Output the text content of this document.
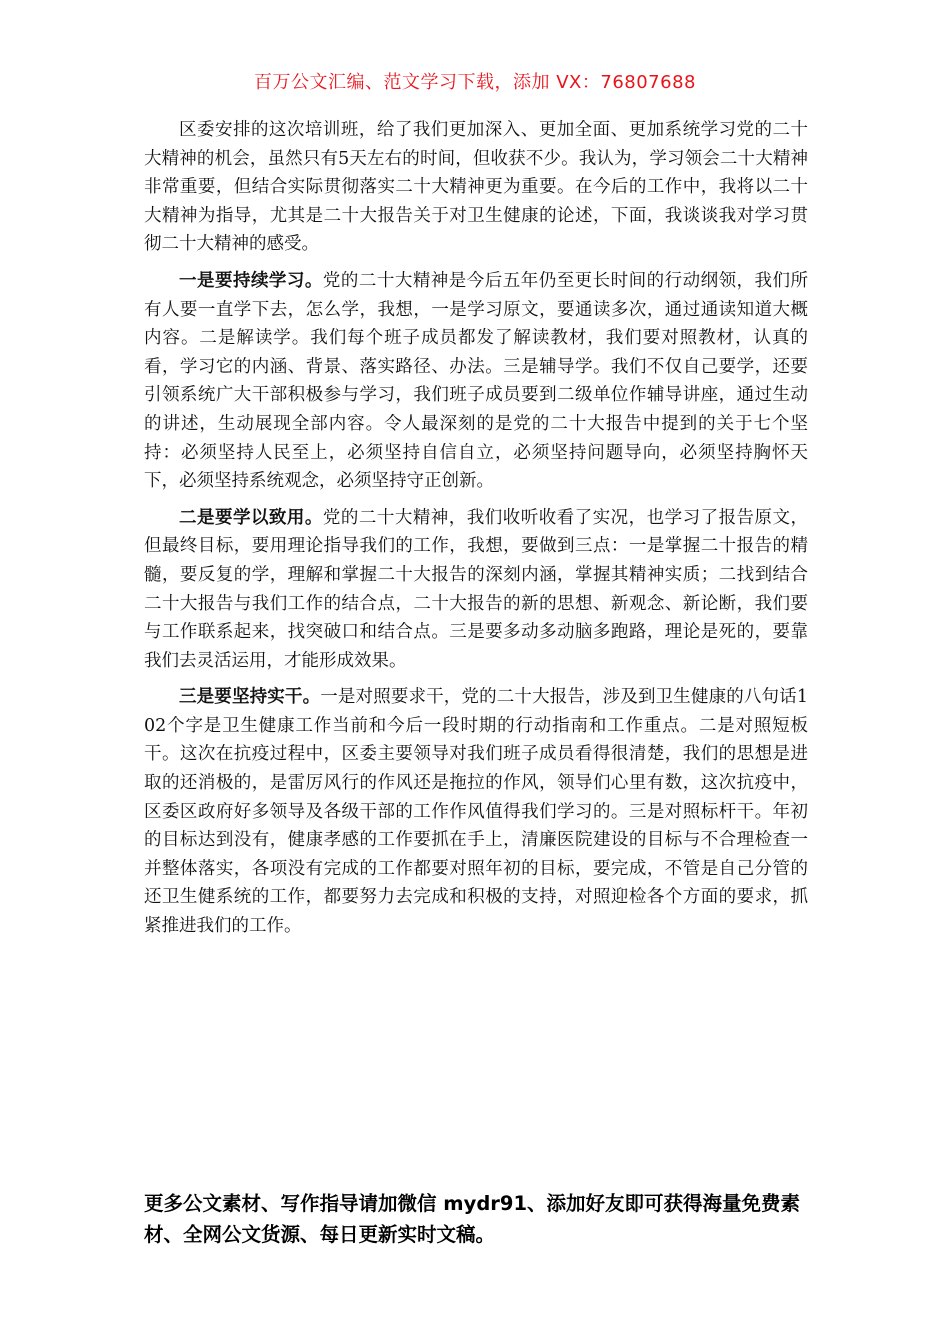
百万公文汇编、范文学习下载，添加 VX：76807688

区委安排的这次培训班，给了我们更加深入、更加全面、更加系统学习党的二十大精神的机会，虽然只有5天左右的时间，但收获不少。我认为，学习领会二十大精神非常重要，但结合实际贯彻落实二十大精神更为重要。在今后的工作中，我将以二十大精神为指导，尤其是二十大报告关于对卫生健康的论述，下面，我谈谈我对学习贯彻二十大精神的感受。

一是要持续学习。党的二十大精神是今后五年仍至更长时间的行动纲领，我们所有人要一直学下去，怎么学，我想，一是学习原文，要通读多次，通过通读知道大概内容。二是解读学。我们每个班子成员都发了解读教材，我们要对照教材，认真的看，学习它的内涵、背景、落实路径、办法。三是辅导学。我们不仅自己要学，还要引领系统广大干部积极参与学习，我们班子成员要到二级单位作辅导讲座，通过生动的讲述，生动展现全部内容。令人最深刻的是党的二十大报告中提到的关于七个坚持：必须坚持人民至上，必须坚持自信自立，必须坚持问题导向，必须坚持胸怀天下，必须坚持系统观念，必须坚持守正创新。

二是要学以致用。党的二十大精神，我们收听收看了实况，也学习了报告原文，但最终目标，要用理论指导我们的工作，我想，要做到三点：一是掌握二十报告的精髓，要反复的学，理解和掌握二十大报告的深刻内涵，掌握其精神实质；二找到结合二十大报告与我们工作的结合点，二十大报告的新的思想、新观念、新论断，我们要与工作联系起来，找突破口和结合点。三是要多动多动脑多跑路，理论是死的，要靠我们去灵活运用，才能形成效果。

三是要坚持实干。一是对照要求干，党的二十大报告，涉及到卫生健康的八句话102个字是卫生健康工作当前和今后一段时期的行动指南和工作重点。二是对照短板干。这次在抗疫过程中，区委主要领导对我们班子成员看得很清楚，我们的思想是进取的还消极的，是雷厉风行的作风还是拖拉的作风，领导们心里有数，这次抗疫中，区委区政府好多领导及各级干部的工作作风值得我们学习的。三是对照标杆干。年初的目标达到没有，健康孝感的工作要抓在手上，清廉医院建设的目标与不合理检查一并整体落实，各项没有完成的工作都要对照年初的目标，要完成，不管是自己分管的还卫生健系统的工作，都要努力去完成和积极的支持，对照迎检各个方面的要求，抓紧推进我们的工作。

更多公文素材、写作指导请加微信 mydr91、添加好友即可获得海量免费素材、全网公文货源、每日更新实时文稿。
